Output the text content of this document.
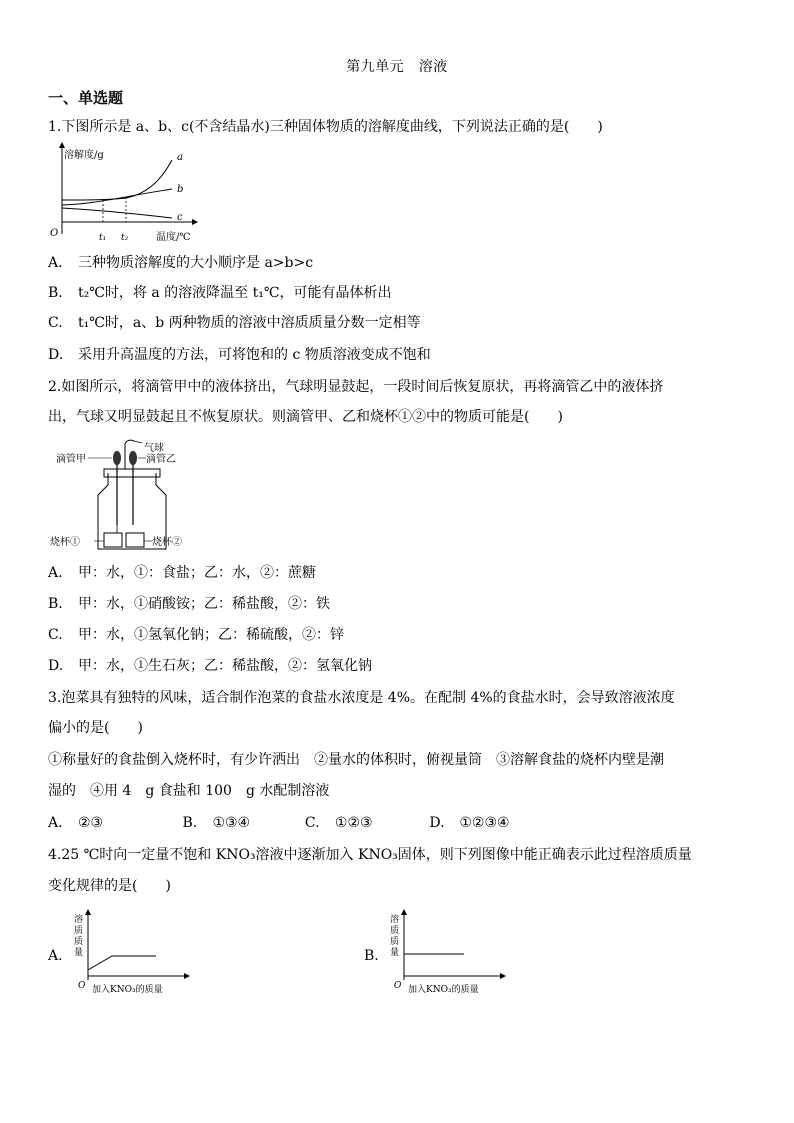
第九单元　溶液
一、单选题
1.下图所示是 a、b、c(不含结晶水)三种固体物质的溶解度曲线，下列说法正确的是(　　)
溶解度/g
O	温度/℃
t₁ t₂
a
b
c
A. 三种物质溶解度的大小顺序是 a>b>c
B. t₂℃时，将 a 的溶液降温至 t₁℃，可能有晶体析出
C. t₁℃时，a、b 两种物质的溶液中溶质质量分数一定相等
D. 采用升高温度的方法，可将饱和的 c 物质溶液变成不饱和
2.如图所示，将滴管甲中的液体挤出，气球明显鼓起，一段时间后恢复原状，再将滴管乙中的液体挤
出，气球又明显鼓起且不恢复原状。则滴管甲、乙和烧杯①②中的物质可能是(　　)
气球
滴管甲	滴管乙
烧杯①	烧杯②
A. 甲：水，①：食盐；乙：水，②：蔗糖
B. 甲：水，①硝酸铵；乙：稀盐酸，②：铁
C. 甲：水，①氢氧化钠；乙：稀硫酸，②：锌
D. 甲：水，①生石灰；乙：稀盐酸，②：氢氧化钠
3.泡菜具有独特的风味，适合制作泡菜的食盐水浓度是 4%。在配制 4%的食盐水时，会导致溶液浓度
偏小的是(　　)
①称量好的食盐倒入烧杯时，有少许洒出　②量水的体积时，俯视量筒　③溶解食盐的烧杯内壁是潮
湿的　④用 4　g 食盐和 100　g 水配制溶液
A. ②③	B. ①③④	C. ①②③	D. ①②③④
4.25 ℃时向一定量不饱和 KNO₃溶液中逐渐加入 KNO₃固体，则下列图像中能正确表示此过程溶质质量
变化规律的是(　　)
A.
溶
质
质
量
O 加入KNO₃的质量
B.
溶
质
质
量
O 加入KNO₃的质量
